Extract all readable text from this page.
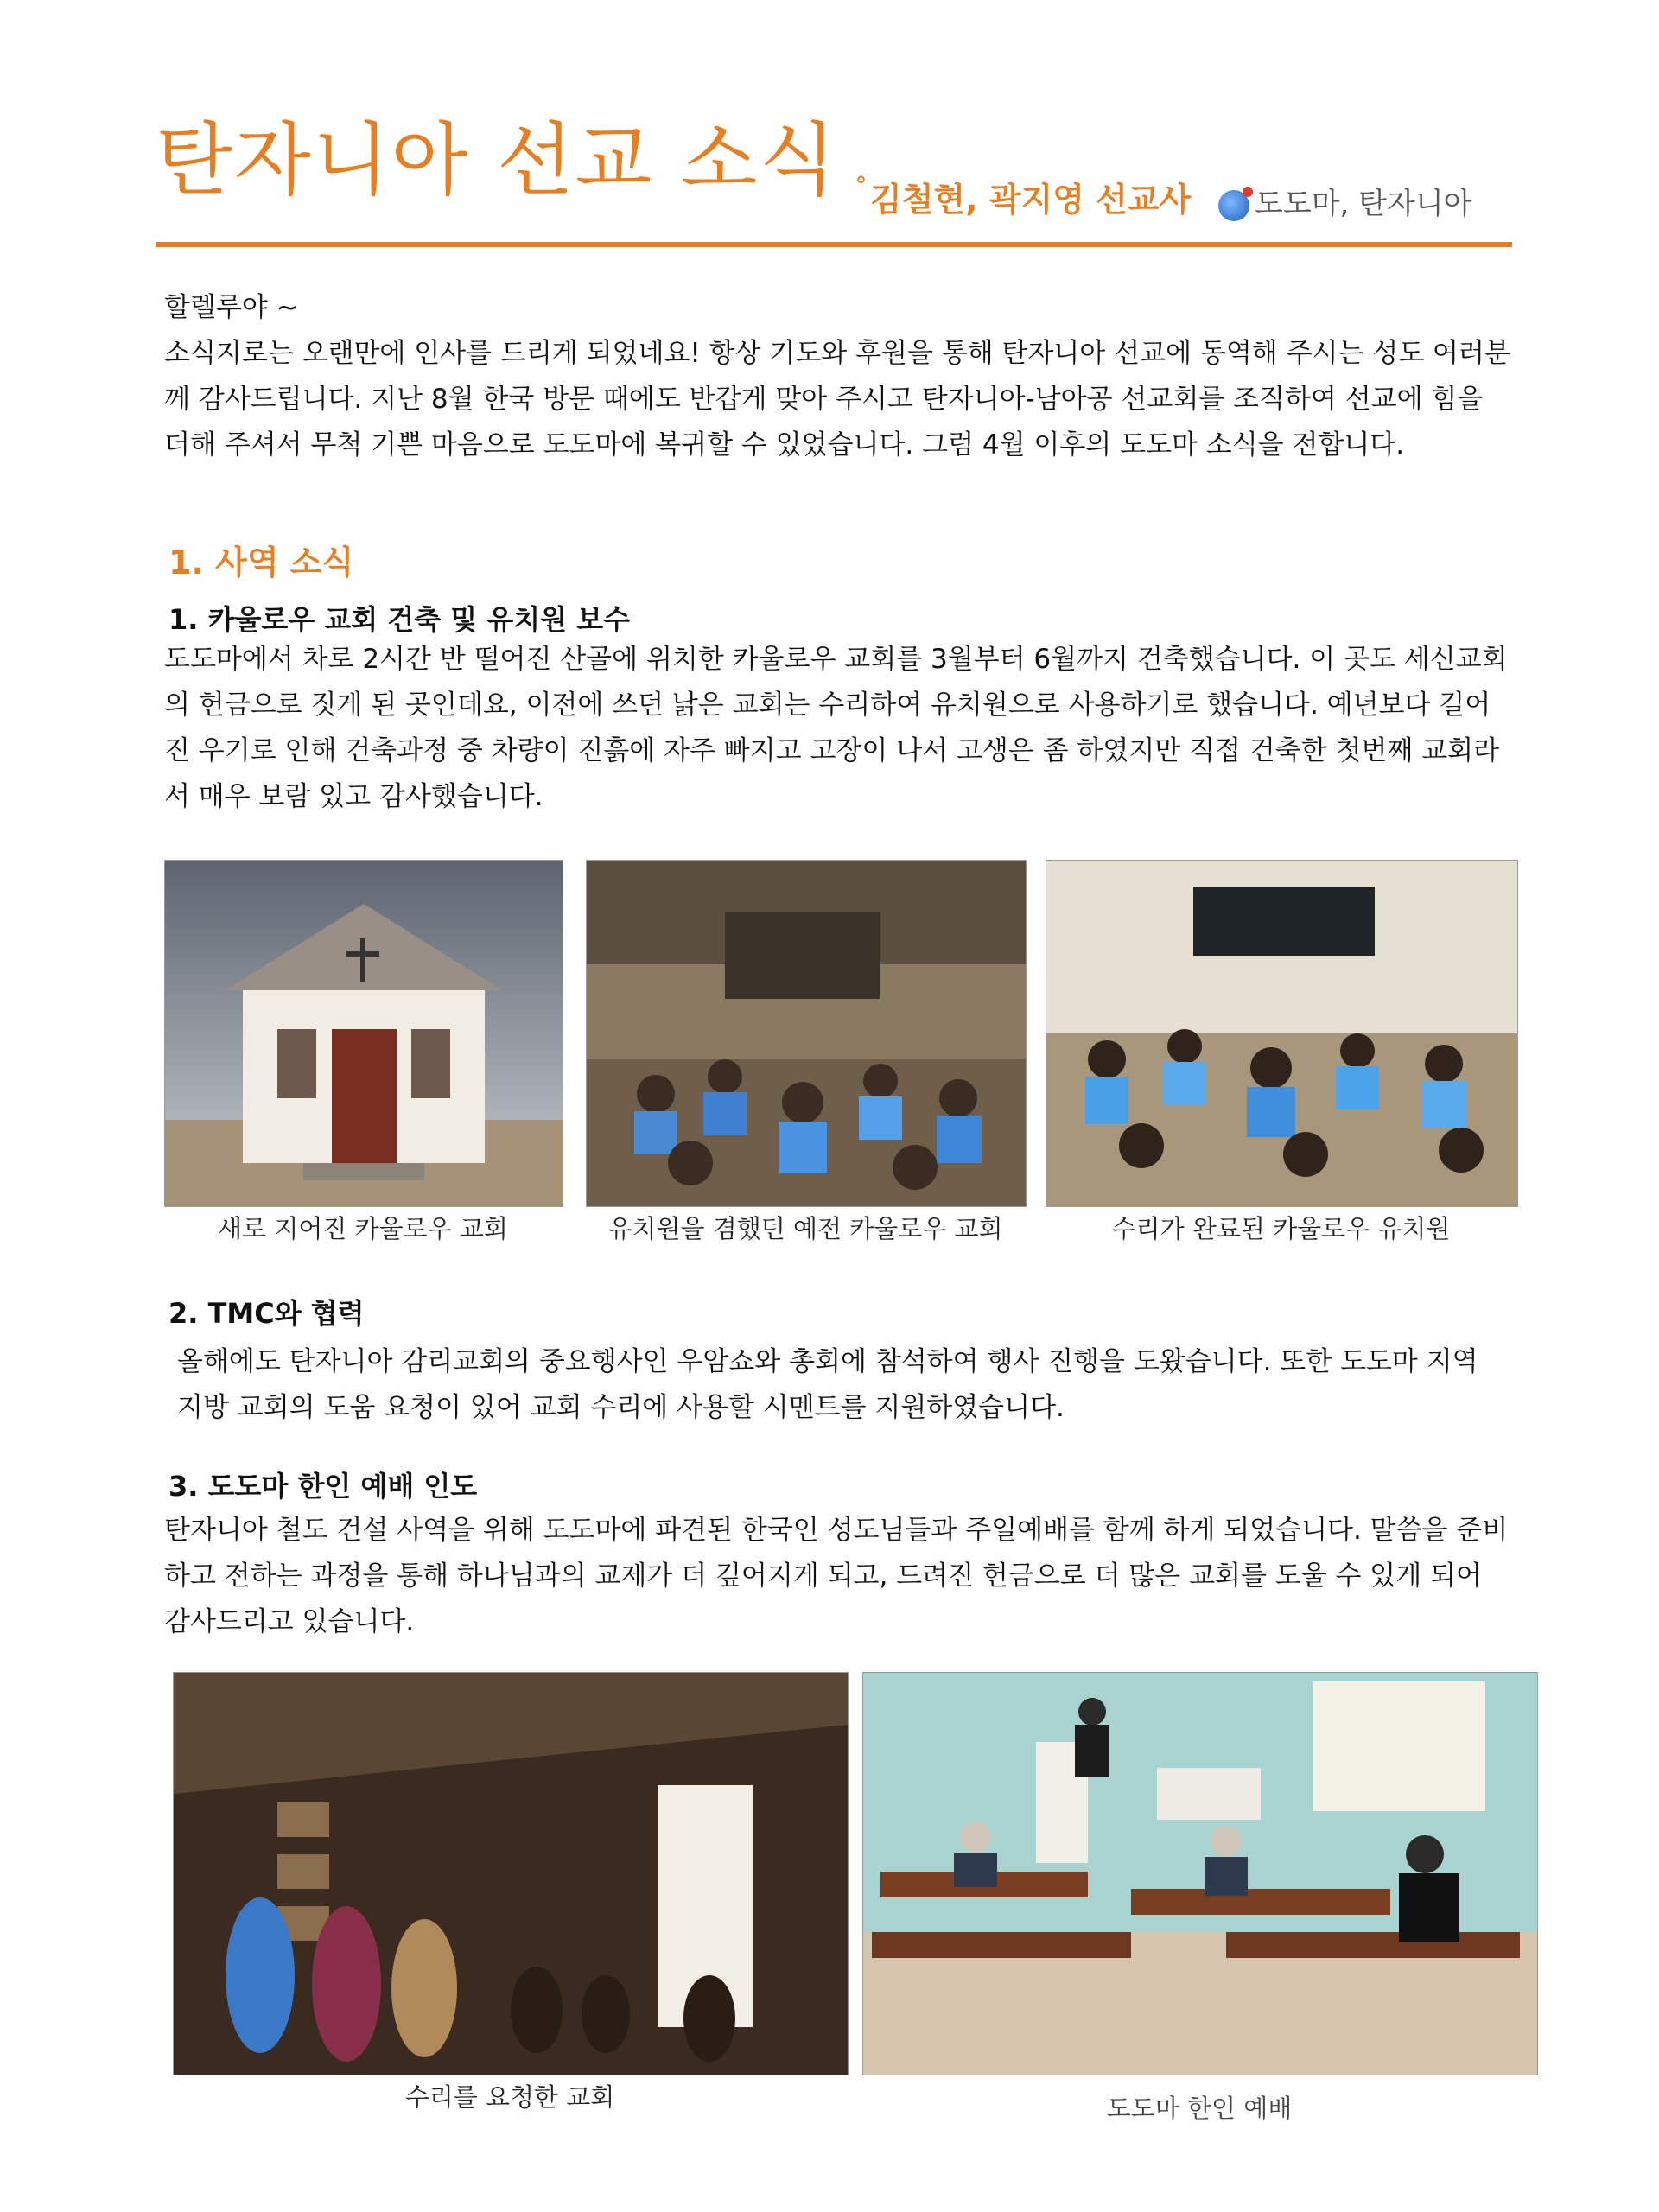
탄자니아 선교 소식 ° 김철현, 곽지영 선교사	도도마, 탄자니아
할렐루야 ~
소식지로는 오랜만에 인사를 드리게 되었네요! 항상 기도와 후원을 통해 탄자니아 선교에 동역해 주시는 성도 여러분께 감사드립니다. 지난 8월 한국 방문 때에도 반갑게 맞아 주시고 탄자니아-남아공 선교회를 조직하여 선교에 힘을 더해 주셔서 무척 기쁜 마음으로 도도마에 복귀할 수 있었습니다. 그럼 4월 이후의 도도마 소식을 전합니다.
1. 사역 소식
1. 카울로우 교회 건축 및 유치원 보수
도도마에서 차로 2시간 반 떨어진 산골에 위치한 카울로우 교회를 3월부터 6월까지 건축했습니다. 이 곳도 세신교회의 헌금으로 짓게 된 곳인데요, 이전에 쓰던 낡은 교회는 수리하여 유치원으로 사용하기로 했습니다. 예년보다 길어진 우기로 인해 건축과정 중 차량이 진흙에 자주 빠지고 고장이 나서 고생은 좀 하였지만 직접 건축한 첫번째 교회라서 매우 보람 있고 감사했습니다.
새로 지어진 카울로우 교회	유치원을 겸했던 예전 카울로우 교회	수리가 완료된 카울로우 유치원
2. TMC와 협력
올해에도 탄자니아 감리교회의 중요행사인 우암쇼와 총회에 참석하여 행사 진행을 도왔습니다. 또한 도도마 지역 지방 교회의 도움 요청이 있어 교회 수리에 사용할 시멘트를 지원하였습니다.
3. 도도마 한인 예배 인도
탄자니아 철도 건설 사역을 위해 도도마에 파견된 한국인 성도님들과 주일예배를 함께 하게 되었습니다. 말씀을 준비하고 전하는 과정을 통해 하나님과의 교제가 더 깊어지게 되고, 드려진 헌금으로 더 많은 교회를 도울 수 있게 되어 감사드리고 있습니다.
수리를 요청한 교회	도도마 한인 예배
